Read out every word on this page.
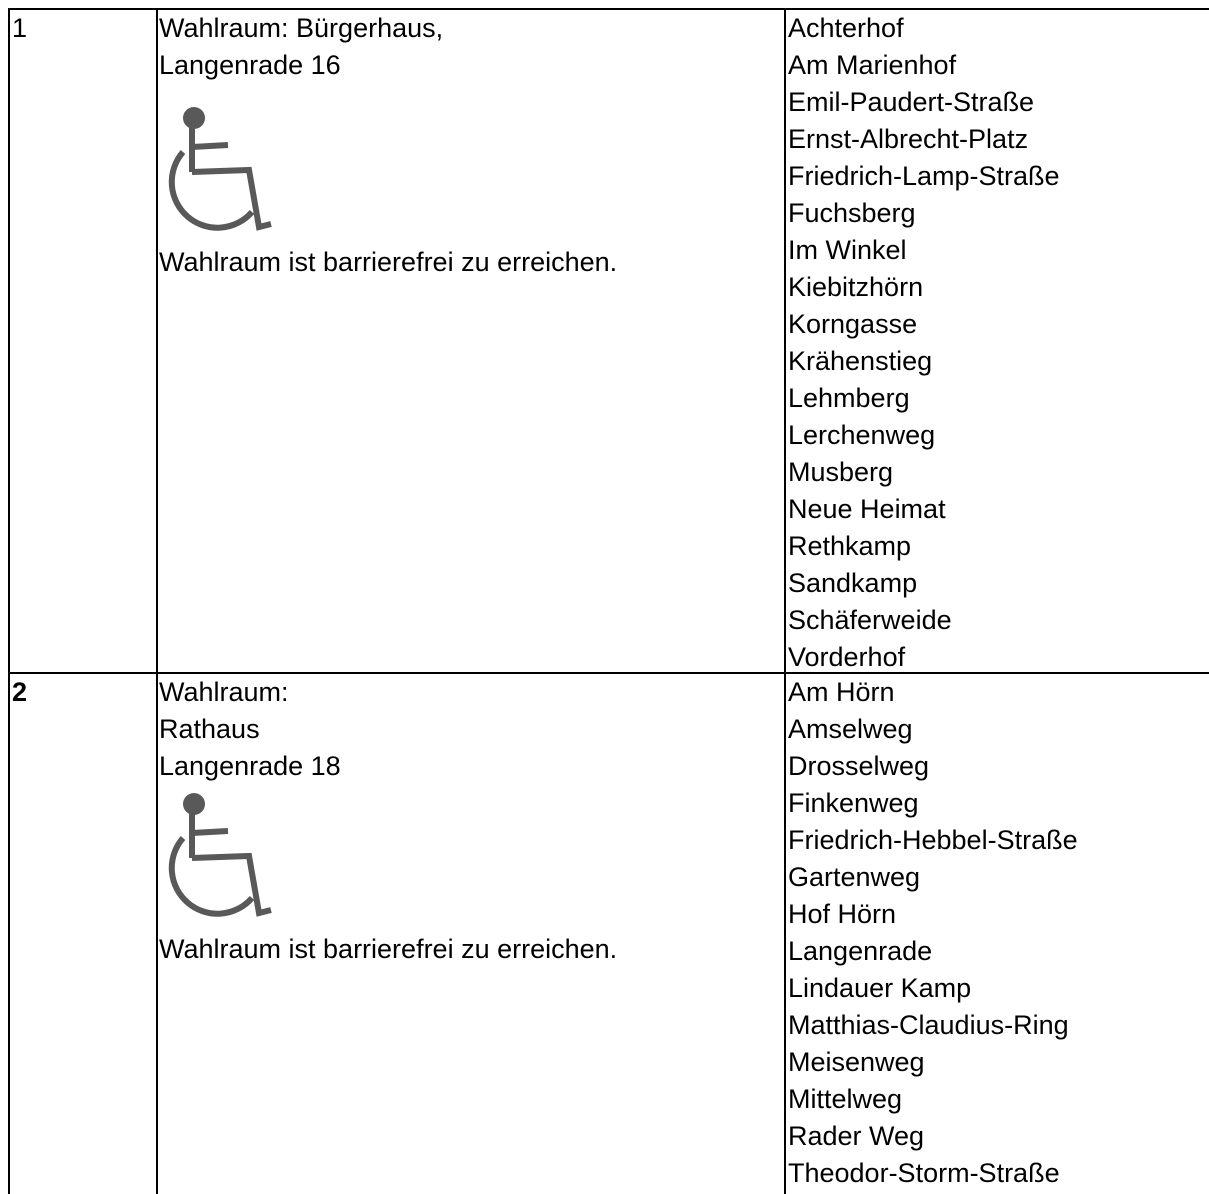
1	Wahlraum: Bürgerhaus,
Langenrade 16
Wahlraum ist barrierefrei zu erreichen.
Achterhof
Am Marienhof
Emil-Paudert-Straße
Ernst-Albrecht-Platz
Friedrich-Lamp-Straße
Fuchsberg
Im Winkel
Kiebitzhörn
Korngasse
Krähenstieg
Lehmberg
Lerchenweg
Musberg
Neue Heimat
Rethkamp
Sandkamp
Schäferweide
Vorderhof
2	Wahlraum:
Rathaus
Langenrade 18
Wahlraum ist barrierefrei zu erreichen.
Am Hörn
Amselweg
Drosselweg
Finkenweg
Friedrich-Hebbel-Straße
Gartenweg
Hof Hörn
Langenrade
Lindauer Kamp
Matthias-Claudius-Ring
Meisenweg
Mittelweg
Rader Weg
Theodor-Storm-Straße
